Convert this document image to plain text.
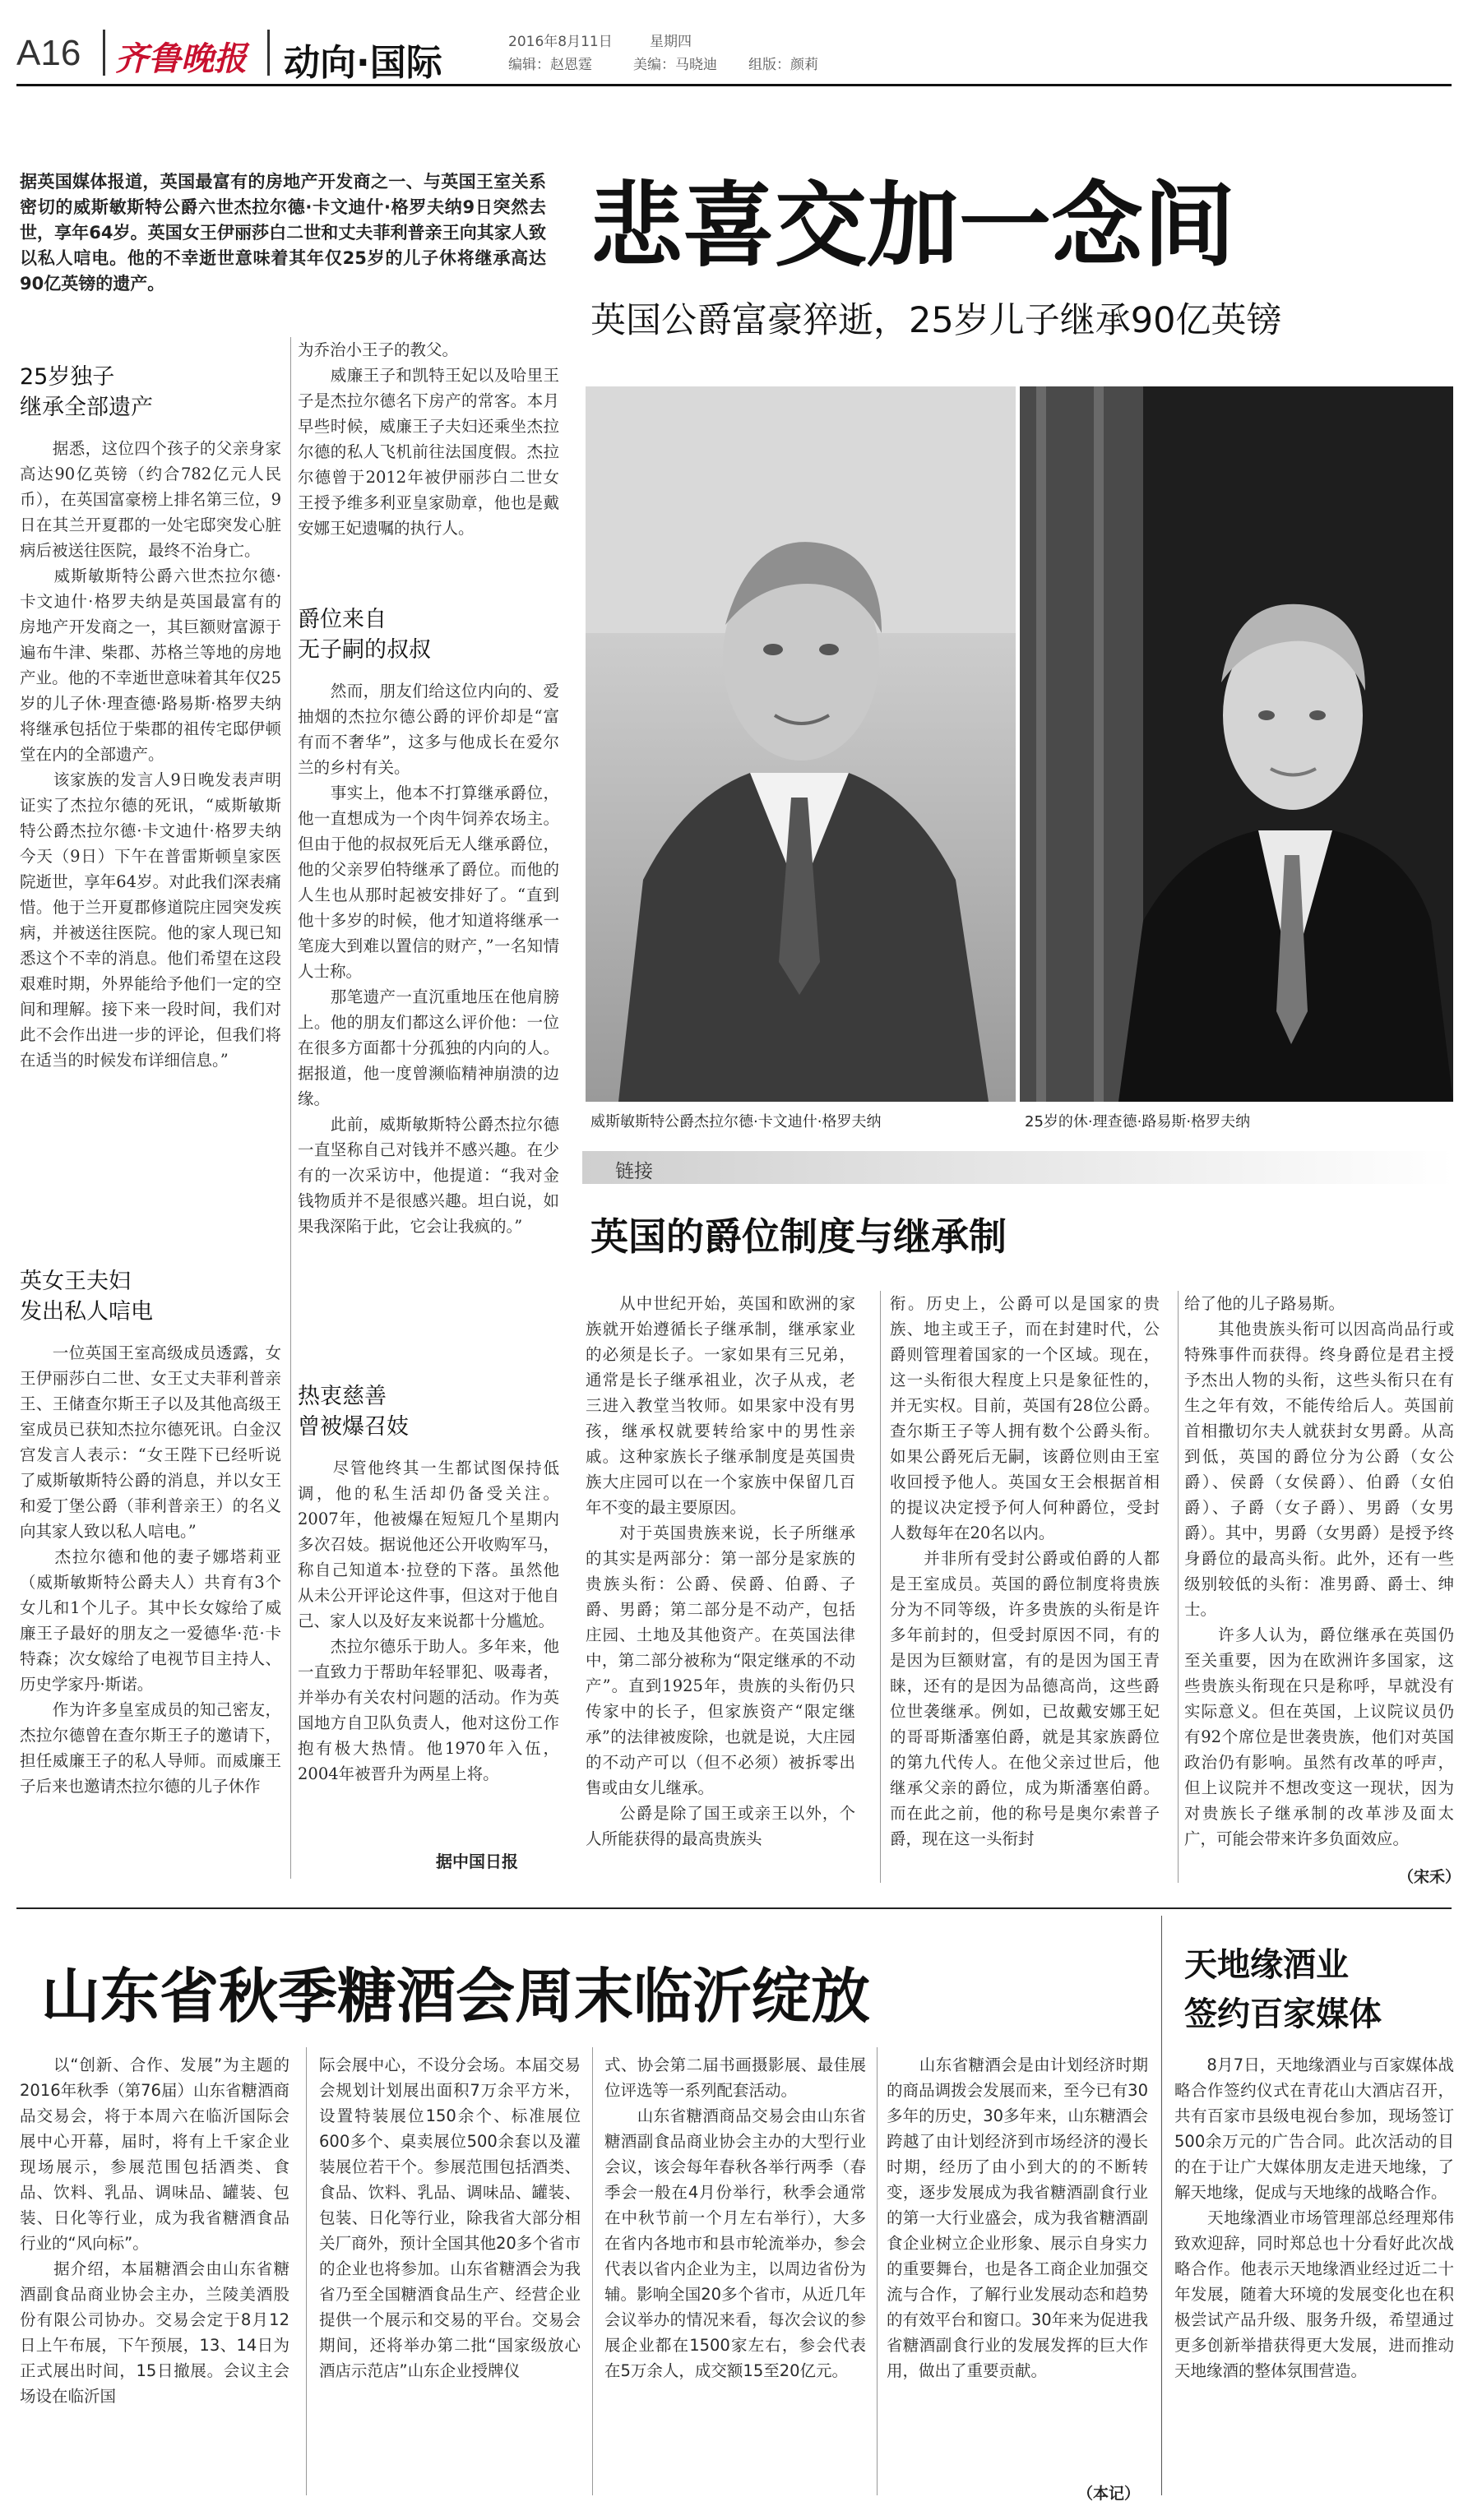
A16 齐鲁晚报 动向·国际	2016年8月11日	星期四
编辑：赵恩霆	美编：马晓迪 组版：颜莉
据英国媒体报道，英国最富有的房地产开发商之一、与英国王室关系密切的威斯敏斯特公爵六世杰拉尔德·卡文迪什·格罗夫纳9日突然去世，享年64岁。英国女王伊丽莎白二世和丈夫菲利普亲王向其家人致以私人唁电。他的不幸逝世意味着其年仅25岁的儿子休将继承高达90亿英镑的遗产。
悲喜交加一念间
英国公爵富豪猝逝，25岁儿子继承90亿英镑
25岁独子
继承全部遗产
　　据悉，这位四个孩子的父亲身家高达90亿英镑（约合782亿元人民币），在英国富豪榜上排名第三位，9日在其兰开夏郡的一处宅邸突发心脏病后被送往医院，最终不治身亡。
　　威斯敏斯特公爵六世杰拉尔德·卡文迪什·格罗夫纳是英国最富有的房地产开发商之一，其巨额财富源于遍布牛津、柴郡、苏格兰等地的房地产业。他的不幸逝世意味着其年仅25岁的儿子休·理查德·路易斯·格罗夫纳将继承包括位于柴郡的祖传宅邸伊顿堂在内的全部遗产。
　　该家族的发言人9日晚发表声明证实了杰拉尔德的死讯，“威斯敏斯特公爵杰拉尔德·卡文迪什·格罗夫纳今天（9日）下午在普雷斯顿皇家医院逝世，享年64岁。对此我们深表痛惜。他于兰开夏郡修道院庄园突发疾病，并被送往医院。他的家人现已知悉这个不幸的消息。他们希望在这段艰难时期，外界能给予他们一定的空间和理解。接下来一段时间，我们对此不会作出进一步的评论，但我们将在适当的时候发布详细信息。”
英女王夫妇
发出私人唁电
　　一位英国王室高级成员透露，女王伊丽莎白二世、女王丈夫菲利普亲王、王储查尔斯王子以及其他高级王室成员已获知杰拉尔德死讯。白金汉宫发言人表示：“女王陛下已经听说了威斯敏斯特公爵的消息，并以女王和爱丁堡公爵（菲利普亲王）的名义向其家人致以私人唁电。”
　　杰拉尔德和他的妻子娜塔莉亚（威斯敏斯特公爵夫人）共育有3个女儿和1个儿子。其中长女嫁给了威廉王子最好的朋友之一爱德华·范·卡特森；次女嫁给了电视节目主持人、历史学家丹·斯诺。
　　作为许多皇室成员的知己密友，杰拉尔德曾在查尔斯王子的邀请下，担任威廉王子的私人导师。而威廉王子后来也邀请杰拉尔德的儿子休作
为乔治小王子的教父。
　　威廉王子和凯特王妃以及哈里王子是杰拉尔德名下房产的常客。本月早些时候，威廉王子夫妇还乘坐杰拉尔德的私人飞机前往法国度假。杰拉尔德曾于2012年被伊丽莎白二世女王授予维多利亚皇家勋章，他也是戴安娜王妃遗嘱的执行人。
爵位来自
无子嗣的叔叔
　　然而，朋友们给这位内向的、爱抽烟的杰拉尔德公爵的评价却是“富有而不奢华”，这多与他成长在爱尔兰的乡村有关。
　　事实上，他本不打算继承爵位，他一直想成为一个肉牛饲养农场主。但由于他的叔叔死后无人继承爵位，他的父亲罗伯特继承了爵位。而他的人生也从那时起被安排好了。“直到他十多岁的时候，他才知道将继承一笔庞大到难以置信的财产，”一名知情人士称。
　　那笔遗产一直沉重地压在他肩膀上。他的朋友们都这么评价他：一位在很多方面都十分孤独的内向的人。据报道，他一度曾濒临精神崩溃的边缘。
　　此前，威斯敏斯特公爵杰拉尔德一直坚称自己对钱并不感兴趣。在少有的一次采访中，他提道：“我对金钱物质并不是很感兴趣。坦白说，如果我深陷于此，它会让我疯的。”
热衷慈善
曾被爆召妓
　　尽管他终其一生都试图保持低调，他的私生活却仍备受关注。2007年，他被爆在短短几个星期内多次召妓。据说他还公开收购军马，称自己知道本·拉登的下落。虽然他从未公开评论这件事，但这对于他自己、家人以及好友来说都十分尴尬。
　　杰拉尔德乐于助人。多年来，他一直致力于帮助年轻罪犯、吸毒者，并举办有关农村问题的活动。作为英国地方自卫队负责人，他对这份工作抱有极大热情。他1970年入伍，2004年被晋升为两星上将。
据中国日报
威斯敏斯特公爵杰拉尔德·卡文迪什·格罗夫纳	25岁的休·理查德·路易斯·格罗夫纳
链接
英国的爵位制度与继承制
　　从中世纪开始，英国和欧洲的家族就开始遵循长子继承制，继承家业的必须是长子。一家如果有三兄弟，通常是长子继承祖业，次子从戎，老三进入教堂当牧师。如果家中没有男孩，继承权就要转给家中的男性亲戚。这种家族长子继承制度是英国贵族大庄园可以在一个家族中保留几百年不变的最主要原因。
　　对于英国贵族来说，长子所继承的其实是两部分：第一部分是家族的贵族头衔：公爵、侯爵、伯爵、子爵、男爵；第二部分是不动产，包括庄园、土地及其他资产。在英国法律中，第二部分被称为“限定继承的不动产”。直到1925年，贵族的头衔仍只传家中的长子，但家族资产“限定继承”的法律被废除，也就是说，大庄园的不动产可以（但不必须）被拆零出售或由女儿继承。
　　公爵是除了国王或亲王以外，个人所能获得的最高贵族头
衔。历史上，公爵可以是国家的贵族、地主或王子，而在封建时代，公爵则管理着国家的一个区域。现在，这一头衔很大程度上只是象征性的，并无实权。目前，英国有28位公爵。查尔斯王子等人拥有数个公爵头衔。如果公爵死后无嗣，该爵位则由王室收回授予他人。英国女王会根据首相的提议决定授予何人何种爵位，受封人数每年在20名以内。
　　并非所有受封公爵或伯爵的人都是王室成员。英国的爵位制度将贵族分为不同等级，许多贵族的头衔是许多年前封的，但受封原因不同，有的是因为巨额财富，有的是因为国王青睐，还有的是因为品德高尚，这些爵位世袭继承。例如，已故戴安娜王妃的哥哥斯潘塞伯爵，就是其家族爵位的第九代传人。在他父亲过世后，他继承父亲的爵位，成为斯潘塞伯爵。而在此之前，他的称号是奥尔索普子爵，现在这一头衔封
给了他的儿子路易斯。
　　其他贵族头衔可以因高尚品行或特殊事件而获得。终身爵位是君主授予杰出人物的头衔，这些头衔只在有生之年有效，不能传给后人。英国前首相撒切尔夫人就获封女男爵。从高到低，英国的爵位分为公爵（女公爵）、侯爵（女侯爵）、伯爵（女伯爵）、子爵（女子爵）、男爵（女男爵）。其中，男爵（女男爵）是授予终身爵位的最高头衔。此外，还有一些级别较低的头衔：准男爵、爵士、绅士。
　　许多人认为，爵位继承在英国仍至关重要，因为在欧洲许多国家，这些贵族头衔现在只是称呼，早就没有实际意义。但在英国，上议院议员仍有92个席位是世袭贵族，他们对英国政治仍有影响。虽然有改革的呼声，但上议院并不想改变这一现状，因为对贵族长子继承制的改革涉及面太广，可能会带来许多负面效应。
（宋禾）
山东省秋季糖酒会周末临沂绽放
　　以“创新、合作、发展”为主题的2016年秋季（第76届）山东省糖酒商品交易会，将于本周六在临沂国际会展中心开幕，届时，将有上千家企业现场展示，参展范围包括酒类、食品、饮料、乳品、调味品、罐装、包装、日化等行业，成为我省糖酒食品行业的“风向标”。
　　据介绍，本届糖酒会由山东省糖酒副食品商业协会主办，兰陵美酒股份有限公司协办。交易会定于8月12日上午布展，下午预展，13、14日为正式展出时间，15日撤展。会议主会场设在临沂国
际会展中心，不设分会场。本届交易会规划计划展出面积7万余平方米，设置特装展位150余个、标准展位600多个、桌卖展位500余套以及灌装展位若干个。参展范围包括酒类、食品、饮料、乳品、调味品、罐装、包装、日化等行业，除我省大部分相关厂商外，预计全国其他20多个省市的企业也将参加。山东省糖酒会为我省乃至全国糖酒食品生产、经营企业提供一个展示和交易的平台。交易会期间，还将举办第二批“国家级放心酒店示范店”山东企业授牌仪
式、协会第二届书画摄影展、最佳展位评选等一系列配套活动。
　　山东省糖酒商品交易会由山东省糖酒副食品商业协会主办的大型行业会议，该会每年春秋各举行两季（春季会一般在4月份举行，秋季会通常在中秋节前一个月左右举行），大多在省内各地市和县市轮流举办，参会代表以省内企业为主，以周边省份为辅。影响全国20多个省市，从近几年会议举办的情况来看，每次会议的参展企业都在1500家左右，参会代表在5万余人，成交额15至20亿元。
　　山东省糖酒会是由计划经济时期的商品调拨会发展而来，至今已有30多年的历史，30多年来，山东糖酒会跨越了由计划经济到市场经济的漫长时期，经历了由小到大的的不断转变，逐步发展成为我省糖酒副食行业的第一大行业盛会，成为我省糖酒副食企业树立企业形象、展示自身实力的重要舞台，也是各工商企业加强交流与合作，了解行业发展动态和趋势的有效平台和窗口。30年来为促进我省糖酒副食行业的发展发挥的巨大作用，做出了重要贡献。
（本记）
天地缘酒业
签约百家媒体
　　8月7日，天地缘酒业与百家媒体战略合作签约仪式在青花山大酒店召开，共有百家市县级电视台参加，现场签订500余万元的广告合同。此次活动的目的在于让广大媒体朋友走进天地缘，了解天地缘，促成与天地缘的战略合作。
　　天地缘酒业市场管理部总经理郑伟致欢迎辞，同时郑总也十分看好此次战略合作。他表示天地缘酒业经过近二十年发展，随着大环境的发展变化也在积极尝试产品升级、服务升级，希望通过更多创新举措获得更大发展，进而推动天地缘酒的整体氛围营造。
